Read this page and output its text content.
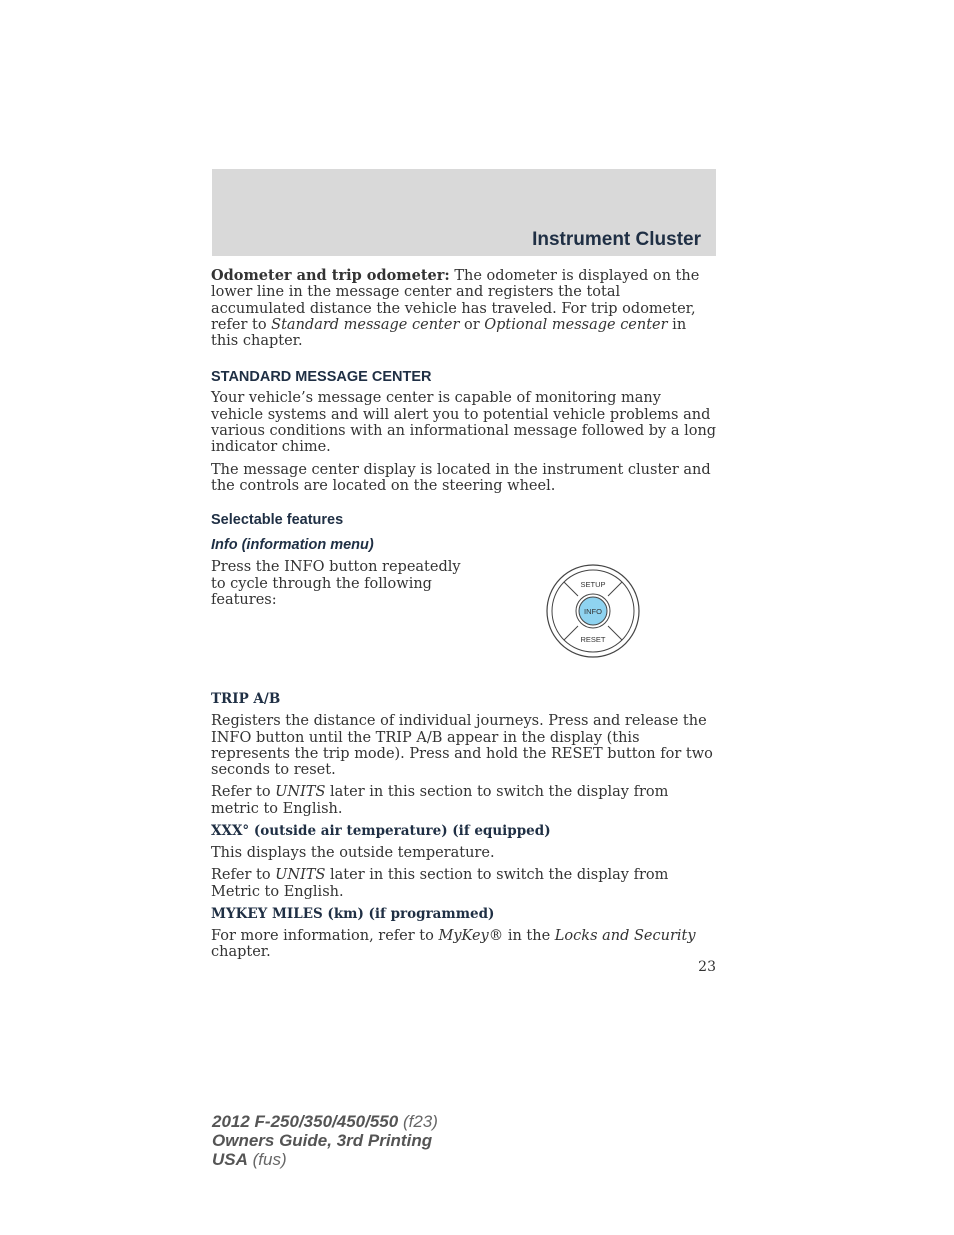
Instrument Cluster

Odometer and trip odometer: The odometer is displayed on the lower line in the message center and registers the total accumulated distance the vehicle has traveled. For trip odometer, refer to Standard message center or Optional message center in this chapter.

STANDARD MESSAGE CENTER

Your vehicle’s message center is capable of monitoring many vehicle systems and will alert you to potential vehicle problems and various conditions with an informational message followed by a long indicator chime.

The message center display is located in the instrument cluster and the controls are located on the steering wheel.

Selectable features
Info (information menu)

Press the INFO button repeatedly to cycle through the following features:

SETUP
INFO
RESET
TRIP A/B

Registers the distance of individual journeys. Press and release the INFO button until the TRIP A/B appear in the display (this represents the trip mode). Press and hold the RESET button for two seconds to reset.

Refer to UNITS later in this section to switch the display from metric to English.

XXX° (outside air temperature) (if equipped)

This displays the outside temperature.

Refer to UNITS later in this section to switch the display from Metric to English.

MYKEY MILES (km) (if programmed)

For more information, refer to MyKey® in the Locks and Security
chapter.

23
2012 F-250/350/450/550 (f23)
Owners Guide, 3rd Printing
USA (fus)
